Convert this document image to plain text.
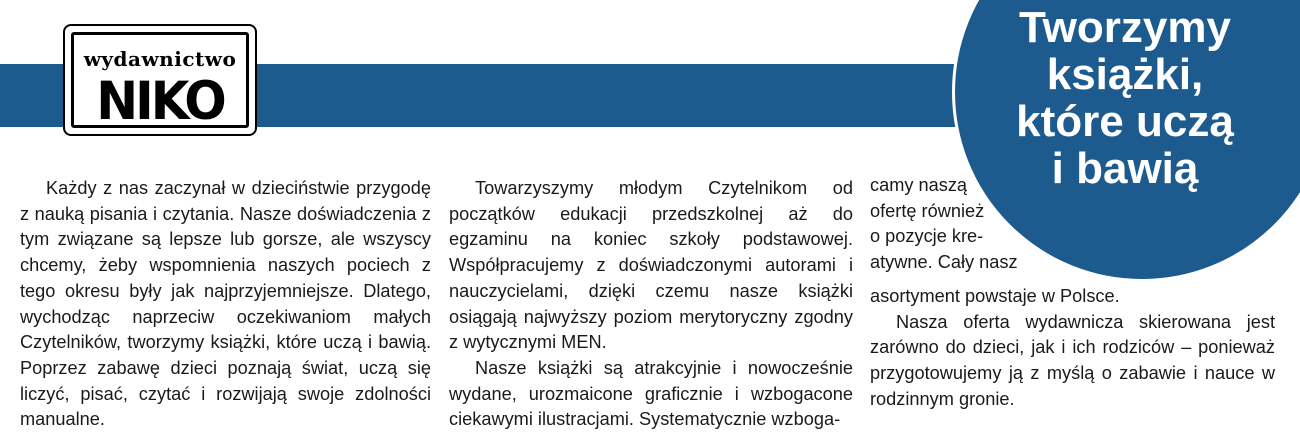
wydawnictwo
NIKO
Tworzymy
książki,
które uczą
i bawią

Każdy z nas zaczynał w dzieciństwie przygodę z nauką pisania i czytania. Nasze doświadczenia z tym związane są lepsze lub gorsze, ale wszyscy chcemy, żeby wspomnienia naszych pociech z tego okresu były jak najprzyjemniejsze. Dlatego, wychodząc naprzeciw oczekiwaniom małych Czytelników, tworzymy książki, które uczą i bawią. Poprzez zabawę dzieci poznają świat, uczą się liczyć, pisać, czytać i rozwijają swoje zdolności manualne.

Towarzyszymy młodym Czytelnikom od początków edukacji przedszkolnej aż do egzaminu na koniec szkoły podstawowej. Współpracujemy z doświadczonymi autorami i nauczycielami, dzięki czemu nasze książki osiągają najwyższy poziom merytoryczny zgodny z wytycznymi MEN.

Nasze książki są atrakcyjnie i nowocześnie wydane, urozmaicone graficznie i wzbogacone ciekawymi ilustracjami. Systematycznie wzboga-

camy naszą

ofertę również

o pozycje kre-

atywne. Cały nasz

asortyment powstaje w Polsce.

Nasza oferta wydawnicza skierowana jest zarówno do dzieci, jak i ich rodziców – ponieważ przygotowujemy ją z myślą o zabawie i nauce w rodzinnym gronie.
